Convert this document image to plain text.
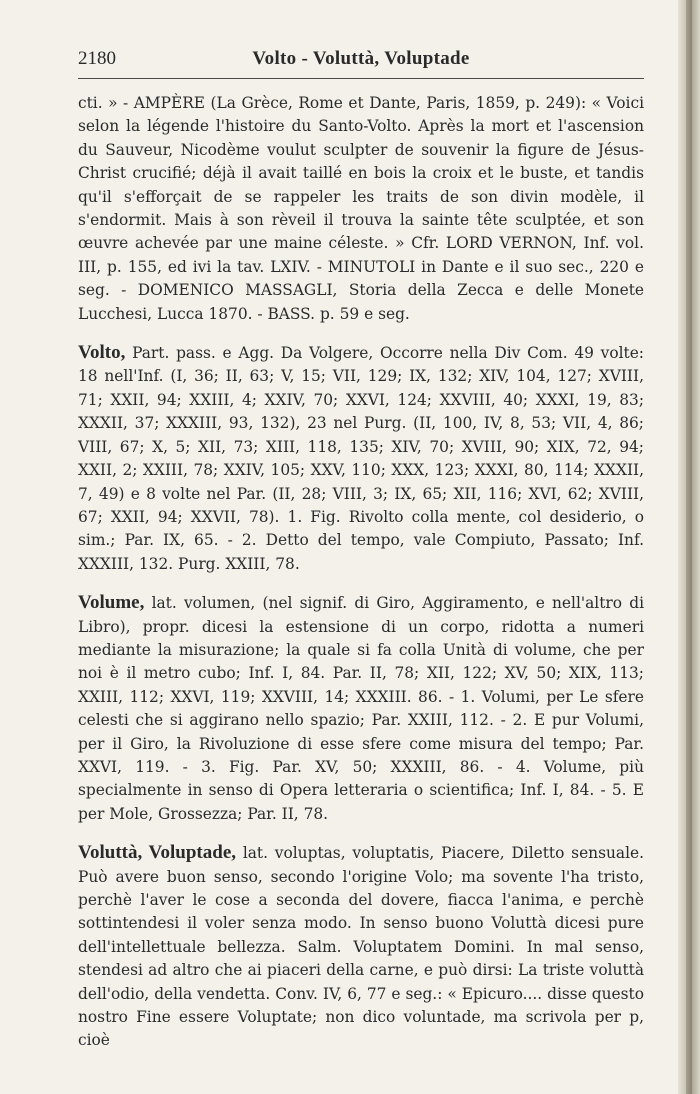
2180	Volto - Voluttà, Voluptade

cti. » - AMPÈRE (La Grèce, Rome et Dante, Paris, 1859, p. 249): « Voici selon la légende l'histoire du Santo-Volto. Après la mort et l'ascension du Sauveur, Nicodème voulut sculpter de souvenir la figure de Jésus-Christ crucifié; déjà il avait taillé en bois la croix et le buste, et tandis qu'il s'efforçait de se rappeler les traits de son divin modèle, il s'endormit. Mais à son rèveil il trouva la sainte tête sculptée, et son œuvre achevée par une maine céleste. » Cfr. LORD VERNON, Inf. vol. III, p. 155, ed ivi la tav. LXIV. - MINUTOLI in Dante e il suo sec., 220 e seg. - DOMENICO MASSAGLI, Storia della Zecca e delle Monete Lucchesi, Lucca 1870. - BASS. p. 59 e seg.

Volto, Part. pass. e Agg. Da Volgere, Occorre nella Div Com. 49 volte: 18 nell'Inf. (I, 36; II, 63; V, 15; VII, 129; IX, 132; XIV, 104, 127; XVIII, 71; XXII, 94; XXIII, 4; XXIV, 70; XXVI, 124; XXVIII, 40; XXXI, 19, 83; XXXII, 37; XXXIII, 93, 132), 23 nel Purg. (II, 100, IV, 8, 53; VII, 4, 86; VIII, 67; X, 5; XII, 73; XIII, 118, 135; XIV, 70; XVIII, 90; XIX, 72, 94; XXII, 2; XXIII, 78; XXIV, 105; XXV, 110; XXX, 123; XXXI, 80, 114; XXXII, 7, 49) e 8 volte nel Par. (II, 28; VIII, 3; IX, 65; XII, 116; XVI, 62; XVIII, 67; XXII, 94; XXVII, 78). 1. Fig. Rivolto colla mente, col desiderio, o sim.; Par. IX, 65. - 2. Detto del tempo, vale Compiuto, Passato; Inf. XXXIII, 132. Purg. XXIII, 78.

Volume, lat. volumen, (nel signif. di Giro, Aggiramento, e nell'altro di Libro), propr. dicesi la estensione di un corpo, ridotta a numeri mediante la misurazione; la quale si fa colla Unità di volume, che per noi è il metro cubo; Inf. I, 84. Par. II, 78; XII, 122; XV, 50; XIX, 113; XXIII, 112; XXVI, 119; XXVIII, 14; XXXIII. 86. - 1. Volumi, per Le sfere celesti che si aggirano nello spazio; Par. XXIII, 112. - 2. E pur Volumi, per il Giro, la Rivoluzione di esse sfere come misura del tempo; Par. XXVI, 119. - 3. Fig. Par. XV, 50; XXXIII, 86. - 4. Volume, più specialmente in senso di Opera letteraria o scientifica; Inf. I, 84. - 5. E per Mole, Grossezza; Par. II, 78.

Voluttà, Voluptade, lat. voluptas, voluptatis, Piacere, Diletto sensuale. Può avere buon senso, secondo l'origine Volo; ma sovente l'ha tristo, perchè l'aver le cose a seconda del dovere, fiacca l'anima, e perchè sottintendesi il voler senza modo. In senso buono Voluttà dicesi pure dell'intellettuale bellezza. Salm. Voluptatem Domini. In mal senso, stendesi ad altro che ai piaceri della carne, e può dirsi: La triste voluttà dell'odio, della vendetta. Conv. IV, 6, 77 e seg.: « Epicuro.... disse questo nostro Fine essere Voluptate; non dico voluntade, ma scrivola per p, cioè
